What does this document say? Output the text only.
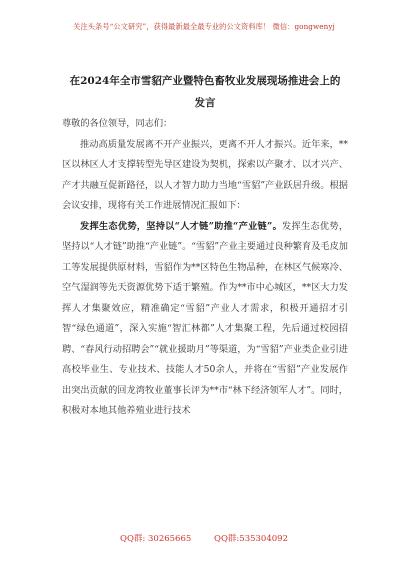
关注头条号“公文研究”，获得最新最全最专业的公文资料库！ 微信：gongwenyj
在2024年全市雪貂产业暨特色畜牧业发展现场推进会上的
发言

尊敬的各位领导，同志们：

推动高质量发展离不开产业振兴，更离不开人才振兴。近年来，**区以林区人才支撑转型先导区建设为契机，探索以产聚才、以才兴产、产才共融互促新路径，以人才智力助力当地“雪貂”产业跃居升级。根据会议安排，现将有关工作进展情况汇报如下：

发挥生态优势，坚持以“人才链”助推“产业链”。发挥生态优势，坚持以“人才链”助推“产业链”。“雪貂”产业主要通过良种繁育及毛皮加工等发展提供原材料，雪貂作为**区特色生物品种，在林区气候寒冷、空气湿润等先天资源优势下适于繁殖。作为**市中心城区，**区大力发挥人才集聚效应，精准确定“雪貂”产业人才需求，积极开通招才引智“绿色通道”，深入实施“智汇林都”人才集聚工程，先后通过校园招聘、“春风行动招聘会”“就业援助月”等渠道，为“雪貂”产业类企业引进高校毕业生、专业技术、技能人才50余人，并将在“雪貂”产业发展作出突出贡献的回龙湾牧业董事长评为**市“林下经济领军人才”。同时，积极对本地其他养殖业进行技术

QQ群: 30265665	QQ群:535304092
